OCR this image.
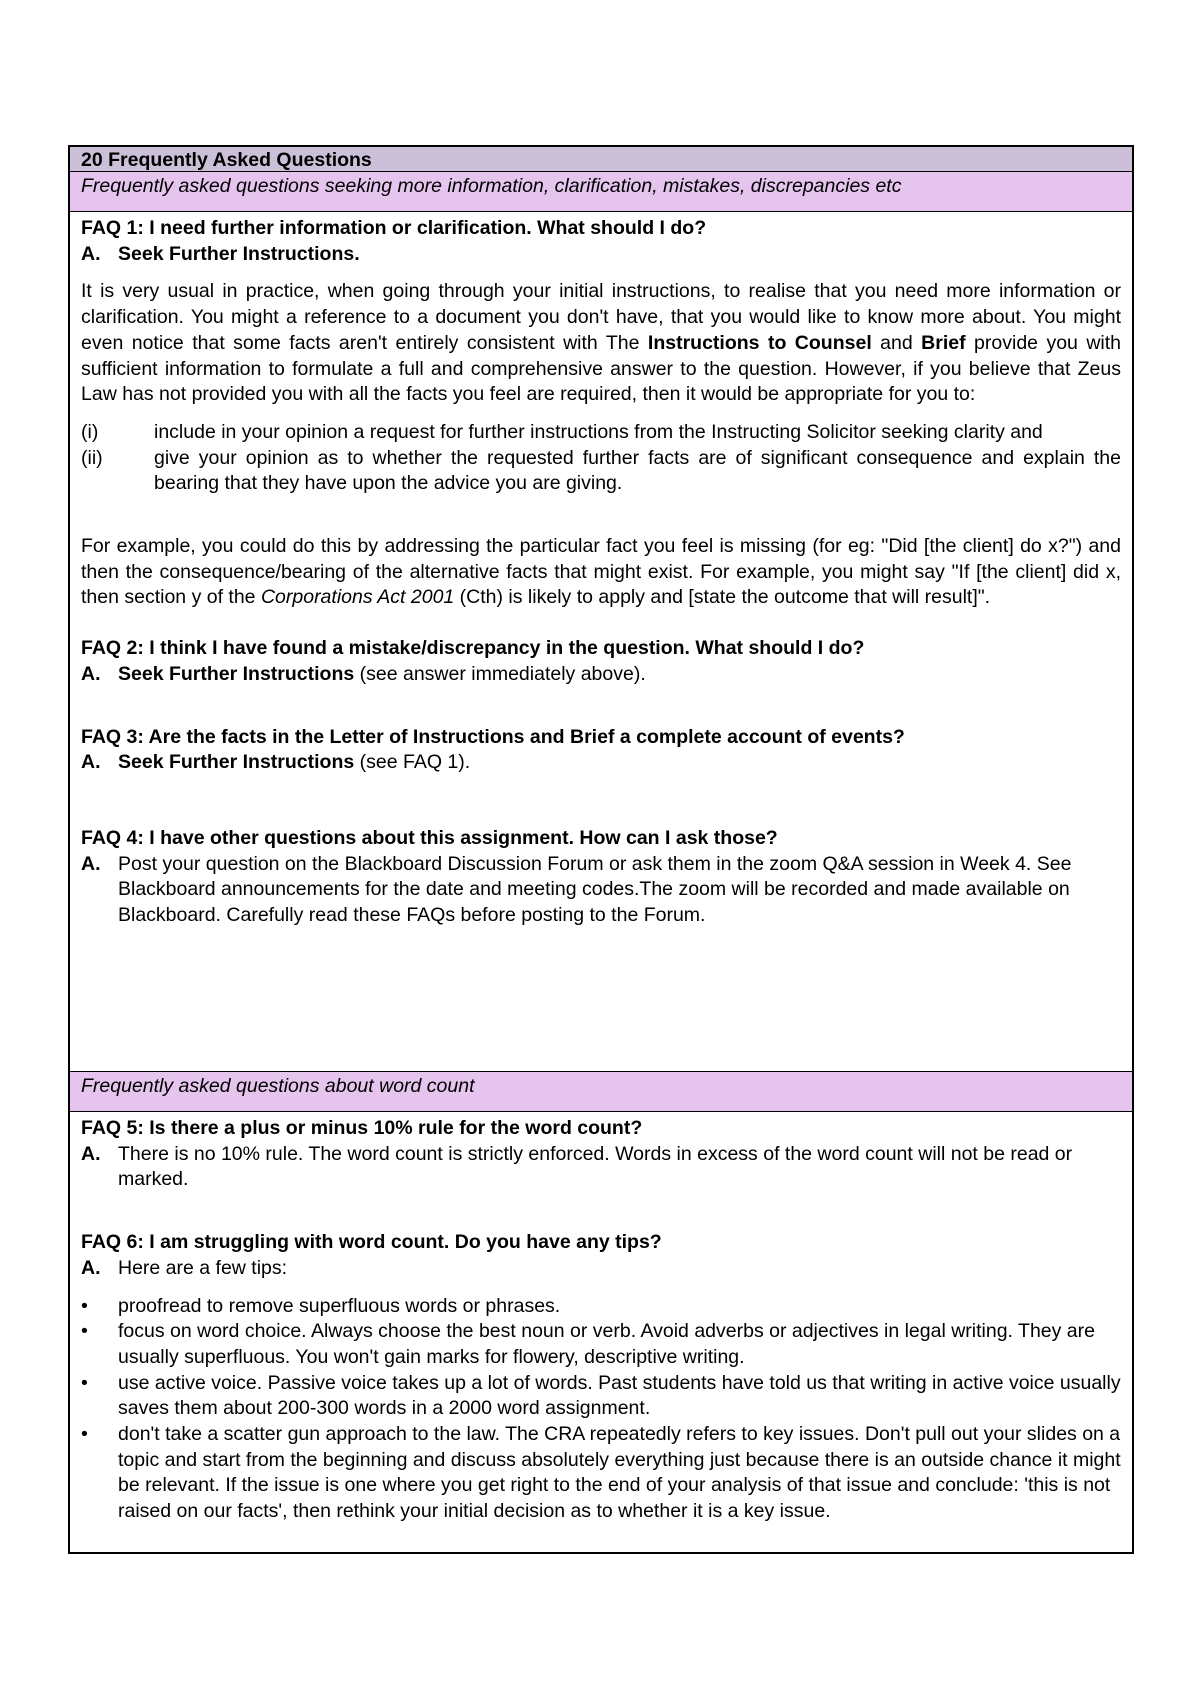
20 Frequently Asked Questions
Frequently asked questions seeking more information, clarification, mistakes, discrepancies etc

FAQ 1: I need further information or clarification. What should I do?

A. Seek Further Instructions.

It is very usual in practice, when going through your initial instructions, to realise that you need more information or clarification. You might a reference to a document you don't have, that you would like to know more about. You might even notice that some facts aren't entirely consistent with The Instructions to Counsel and Brief provide you with sufficient information to formulate a full and comprehensive answer to the question. However, if you believe that Zeus Law has not provided you with all the facts you feel are required, then it would be appropriate for you to:

(i)	include in your opinion a request for further instructions from the Instructing Solicitor seeking clarity and
(ii)	give your opinion as to whether the requested further facts are of significant consequence and explain the bearing that they have upon the advice you are giving.

For example, you could do this by addressing the particular fact you feel is missing (for eg: "Did [the client] do x?") and then the consequence/bearing of the alternative facts that might exist. For example, you might say "If [the client] did x, then section y of the Corporations Act 2001 (Cth) is likely to apply and [state the outcome that will result]".

FAQ 2: I think I have found a mistake/discrepancy in the question. What should I do?

A. Seek Further Instructions (see answer immediately above).

FAQ 3: Are the facts in the Letter of Instructions and Brief a complete account of events?

A. Seek Further Instructions (see FAQ 1).

FAQ 4: I have other questions about this assignment. How can I ask those?

A. Post your question on the Blackboard Discussion Forum or ask them in the zoom Q&A session in Week 4. See Blackboard announcements for the date and meeting codes.The zoom will be recorded and made available on Blackboard. Carefully read these FAQs before posting to the Forum.
Frequently asked questions about word count

FAQ 5: Is there a plus or minus 10% rule for the word count?

A. There is no 10% rule. The word count is strictly enforced. Words in excess of the word count will not be read or marked.

FAQ 6: I am struggling with word count. Do you have any tips?

A. Here are a few tips:
•	proofread to remove superfluous words or phrases.
•	focus on word choice. Always choose the best noun or verb. Avoid adverbs or adjectives in legal writing. They are usually superfluous. You won't gain marks for flowery, descriptive writing.
•	use active voice. Passive voice takes up a lot of words. Past students have told us that writing in active voice usually saves them about 200-300 words in a 2000 word assignment.
•	don't take a scatter gun approach to the law. The CRA repeatedly refers to key issues. Don't pull out your slides on a topic and start from the beginning and discuss absolutely everything just because there is an outside chance it might be relevant. If the issue is one where you get right to the end of your analysis of that issue and conclude: 'this is not raised on our facts', then rethink your initial decision as to whether it is a key issue.
